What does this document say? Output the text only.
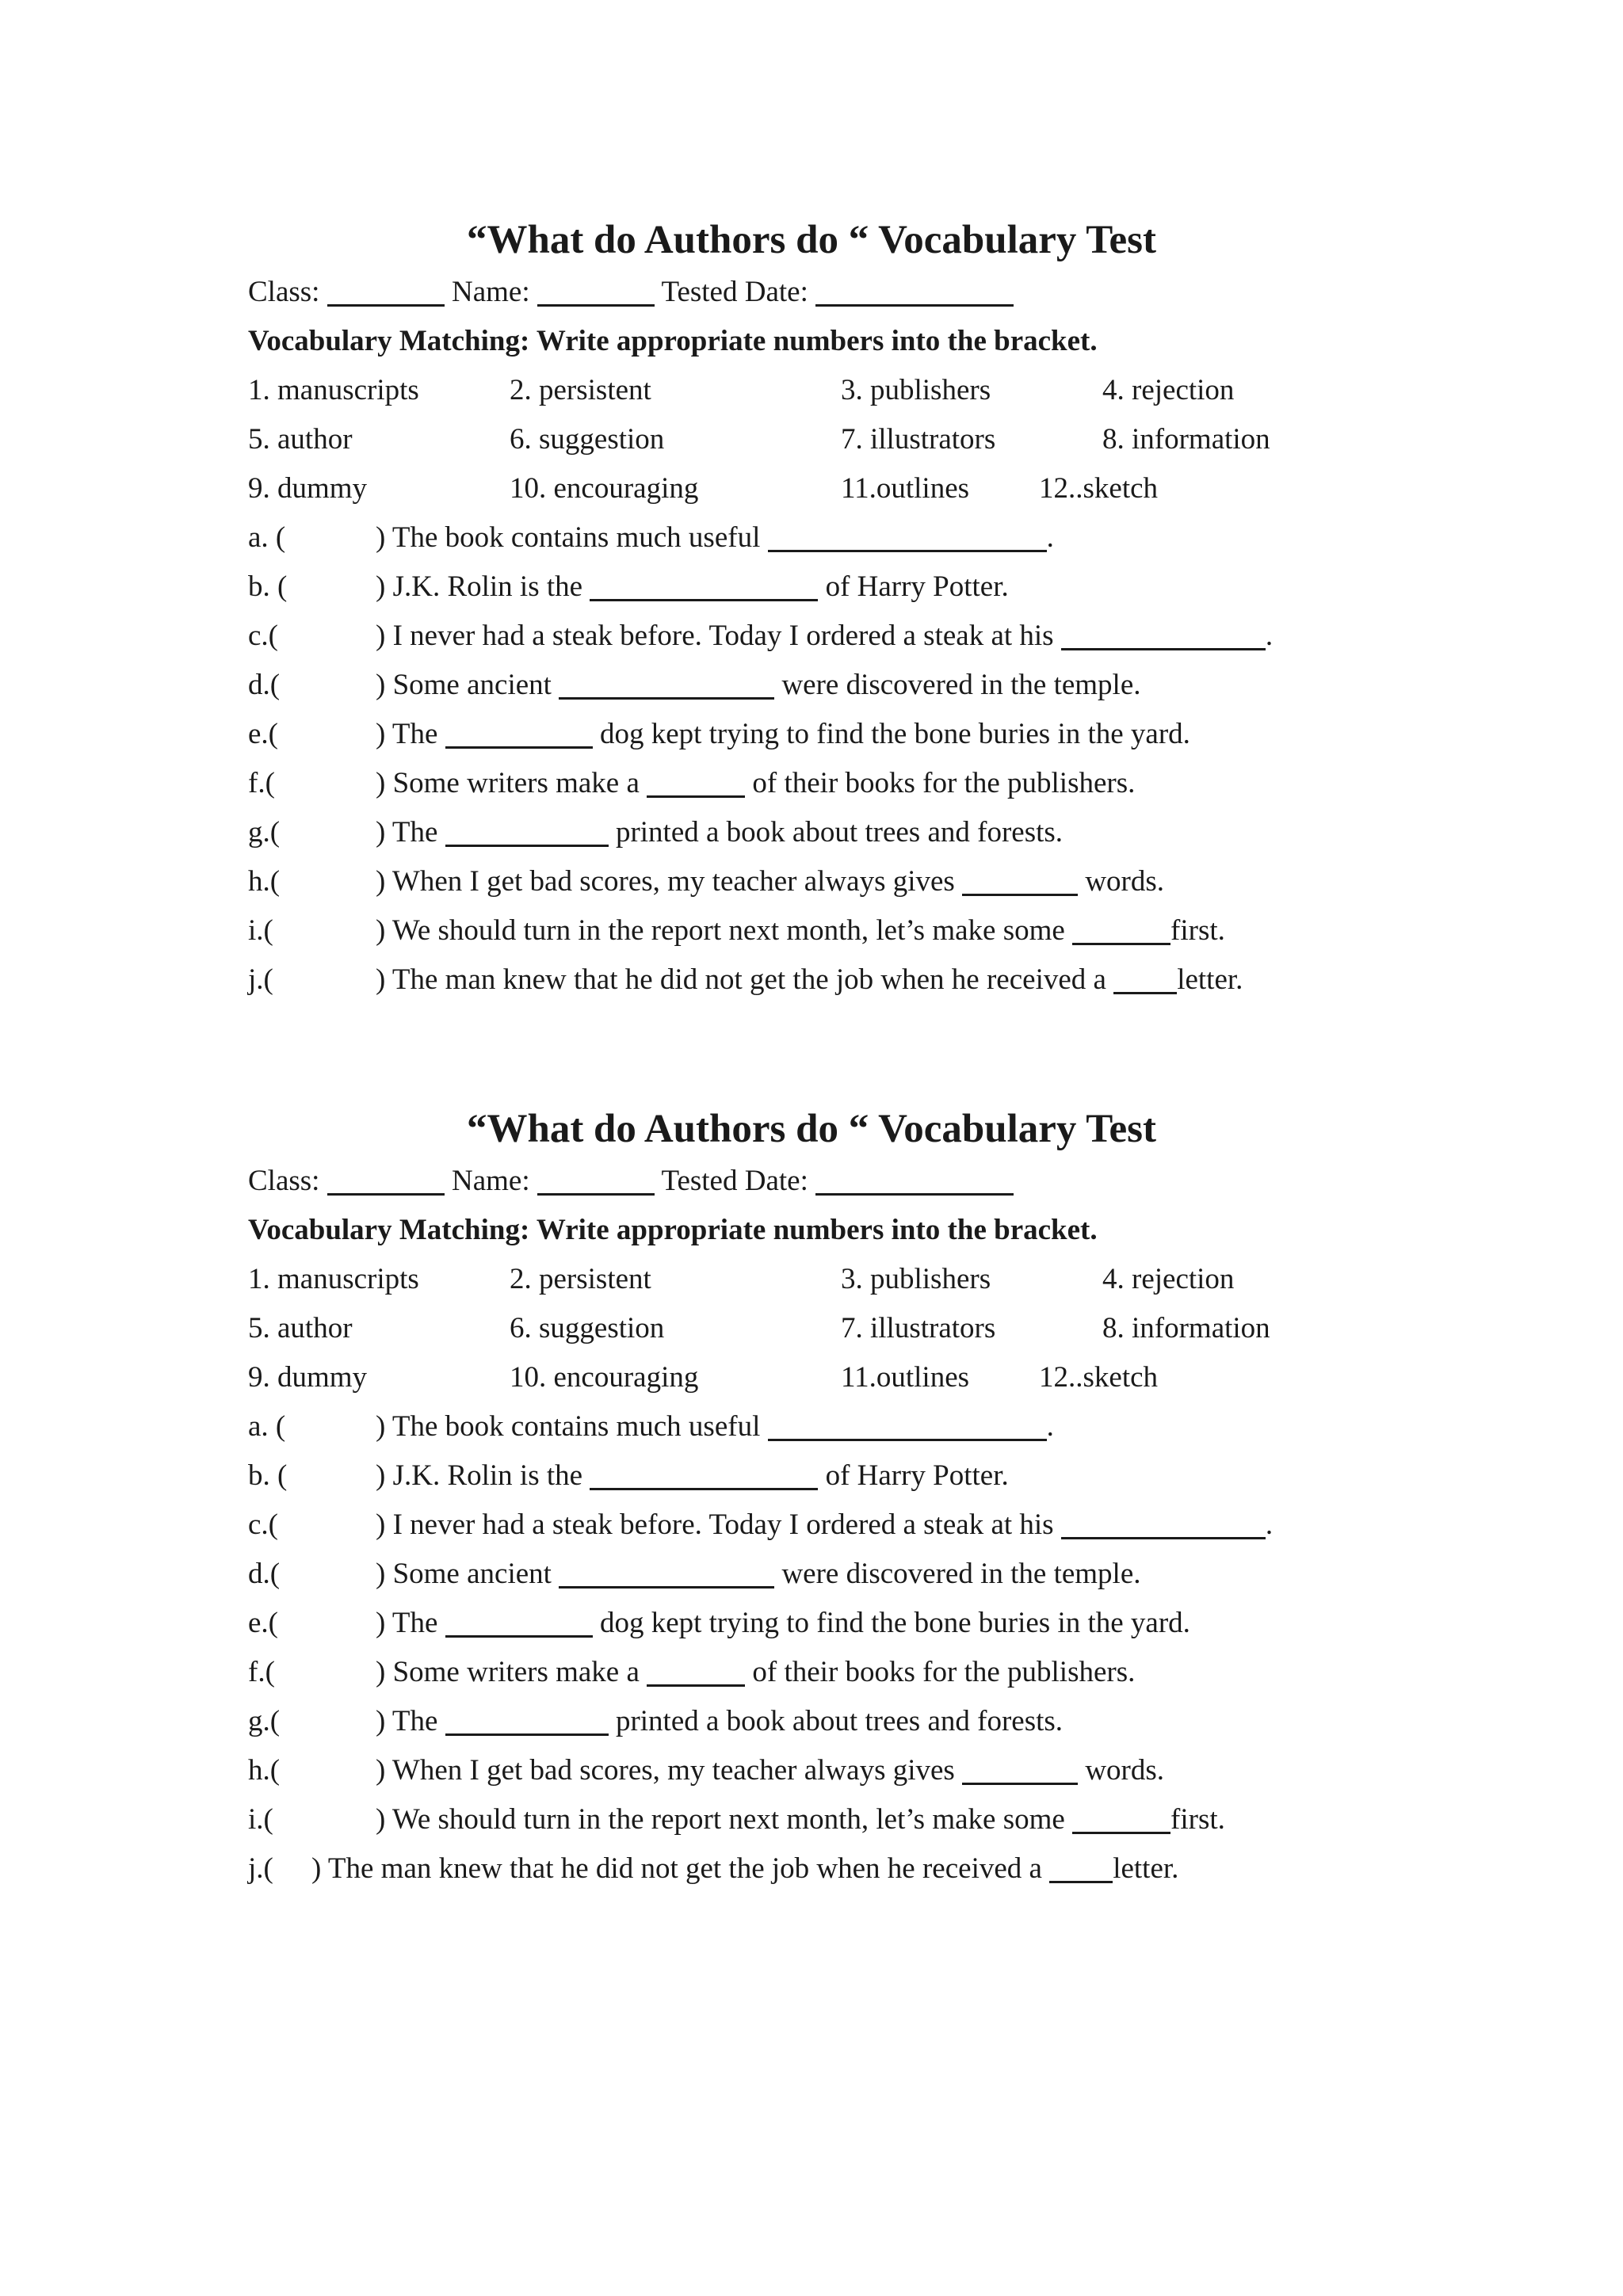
“What do Authors do “ Vocabulary Test
Class:	Name:	Tested Date:
Vocabulary Matching: Write appropriate numbers into the bracket.
1. manuscripts	2. persistent	3. publishers	4. rejection
5. author	6. suggestion	7. illustrators	8. information
9. dummy	10. encouraging	11.outlines 12..sketch
a. (	) The book contains much useful	.
b. (	) J.K. Rolin is the	of Harry Potter.
c.(	) I never had a steak before. Today I ordered a steak at his	.
d.(	) Some ancient	were discovered in the temple.
e.(	) The	dog kept trying to find the bone buries in the yard.
f.(	) Some writers make a	of their books for the publishers.
g.(	) The	printed a book about trees and forests.
h.(	) When I get bad scores, my teacher always gives	words.
i.(	) We should turn in the report next month, let’s make some	first.
j.(	) The man knew that he did not get the job when he received a letter.
“What do Authors do “ Vocabulary Test
Class:	Name:	Tested Date:
Vocabulary Matching: Write appropriate numbers into the bracket.
1. manuscripts	2. persistent	3. publishers	4. rejection
5. author	6. suggestion	7. illustrators	8. information
9. dummy	10. encouraging	11.outlines 12..sketch
a. (	) The book contains much useful	.
b. (	) J.K. Rolin is the	of Harry Potter.
c.(	) I never had a steak before. Today I ordered a steak at his	.
d.(	) Some ancient	were discovered in the temple.
e.(	) The	dog kept trying to find the bone buries in the yard.
f.(	) Some writers make a	of their books for the publishers.
g.(	) The	printed a book about trees and forests.
h.(	) When I get bad scores, my teacher always gives	words.
i.(	) We should turn in the report next month, let’s make some	first.
j.( ) The man knew that he did not get the job when he received a letter.
